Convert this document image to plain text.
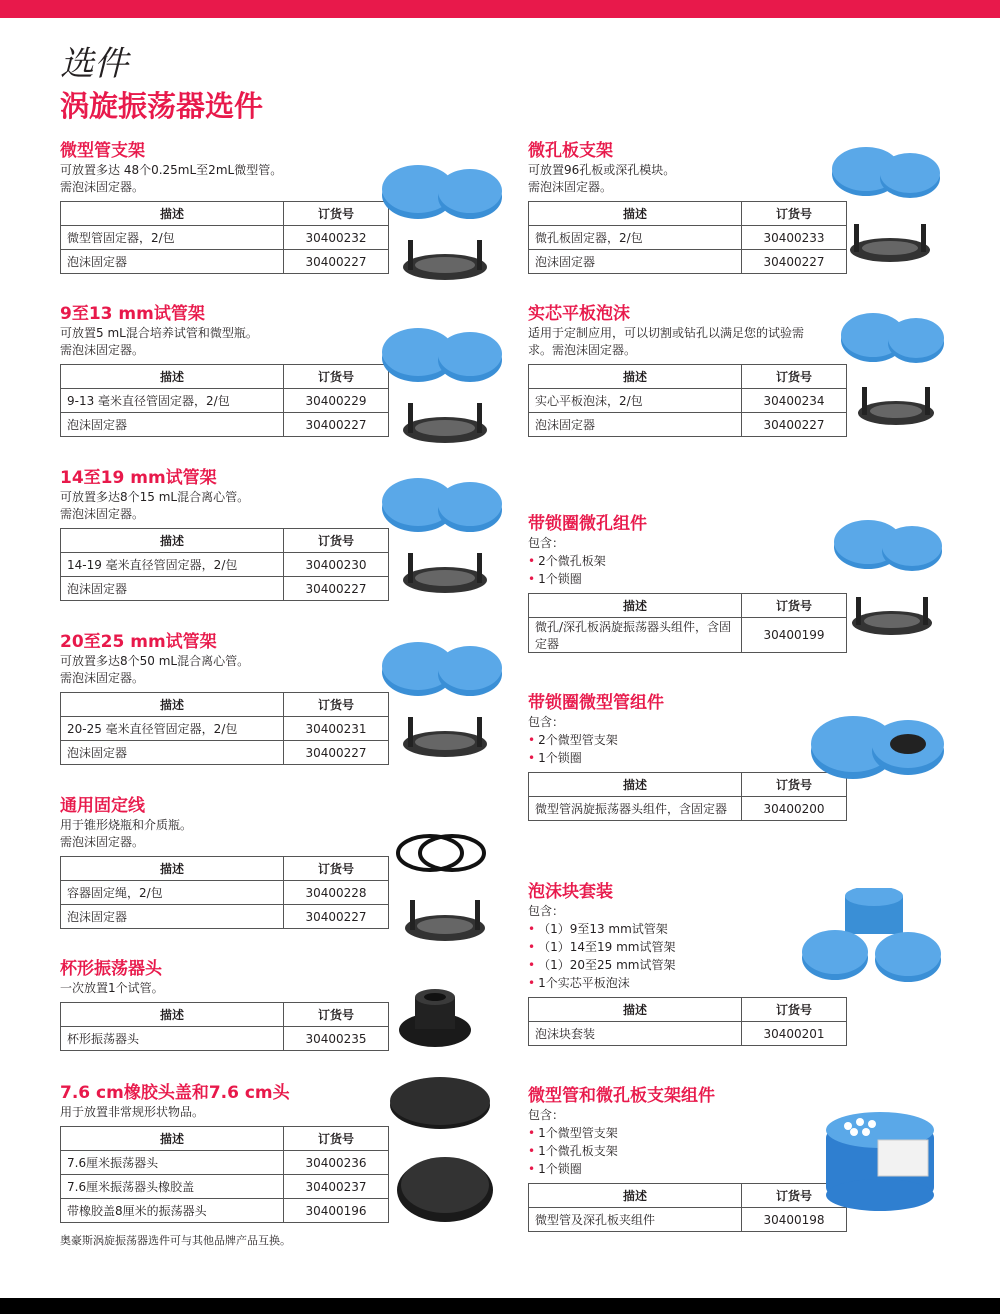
选件
涡旋振荡器选件
微型管支架
可放置多达 48个0.25mL至2mL微型管。
需泡沫固定器。
描述	订货号
微型管固定器，2/包	30400232
泡沫固定器	30400227
9至13 mm试管架
可放置5 mL混合培养试管和微型瓶。
需泡沫固定器。
描述	订货号
9-13 毫米直径管固定器，2/包	30400229
泡沫固定器	30400227
14至19 mm试管架
可放置多达8个15 mL混合离心管。
需泡沫固定器。
描述	订货号
14-19 毫米直径管固定器，2/包	30400230
泡沫固定器	30400227
20至25 mm试管架
可放置多达8个50 mL混合离心管。
需泡沫固定器。
描述	订货号
20-25 毫米直径管固定器，2/包	30400231
泡沫固定器	30400227
通用固定线
用于锥形烧瓶和介质瓶。
需泡沫固定器。
描述	订货号
容器固定绳，2/包	30400228
泡沫固定器	30400227
杯形振荡器头
一次放置1个试管。
描述	订货号
杯形振荡器头	30400235
7.6 cm橡胶头盖和7.6 cm头
用于放置非常规形状物品。
描述	订货号
7.6厘米振荡器头	30400236
7.6厘米振荡器头橡胶盖	30400237
带橡胶盖8厘米的振荡器头	30400196
微孔板支架
可放置96孔板或深孔模块。
需泡沫固定器。
描述	订货号
微孔板固定器，2/包	30400233
泡沫固定器	30400227
实芯平板泡沫
适用于定制应用，可以切割或钻孔以满足您的试验需
求。需泡沫固定器。
描述	订货号
实心平板泡沫，2/包	30400234
泡沫固定器	30400227
带锁圈微孔组件
包含：
• 2个微孔板架
• 1个锁圈
描述	订货号
微孔/深孔板涡旋振荡器头组件，含固定器	30400199
带锁圈微型管组件
包含：
• 2个微型管支架
• 1个锁圈
描述	订货号
微型管涡旋振荡器头组件，含固定器	30400200
泡沫块套装
包含：
• （1）9至13 mm试管架
• （1）14至19 mm试管架
• （1）20至25 mm试管架
• 1个实芯平板泡沫
描述	订货号
泡沫块套装	30400201
微型管和微孔板支架组件
包含：
• 1个微型管支架
• 1个微孔板支架
• 1个锁圈
描述	订货号
微型管及深孔板夹组件	30400198
奥豪斯涡旋振荡器选件可与其他品牌产品互换。
